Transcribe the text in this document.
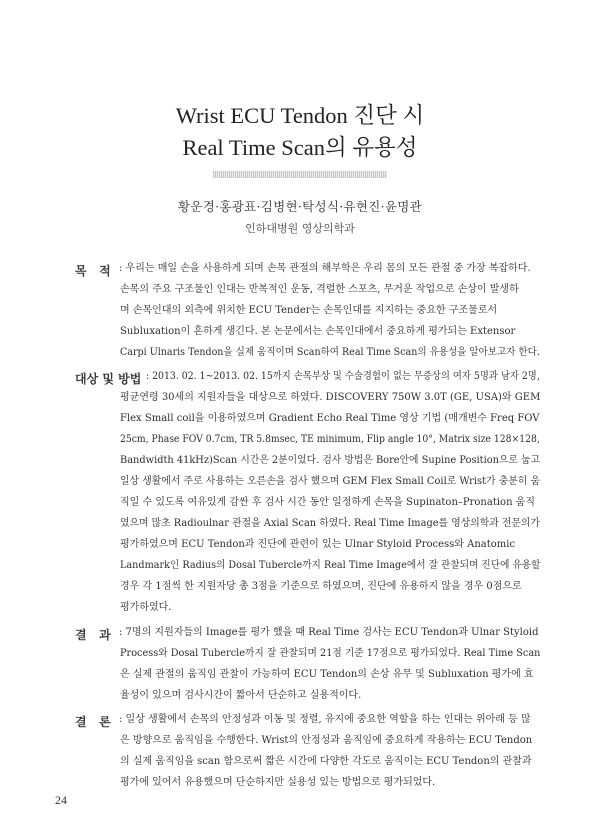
Wrist ECU Tendon 진단 시
Real Time Scan의 유용성
황운경·홍광표·김병현·탁성식·유현진·윤명관
인하대병원 영상의학과
목   적 : 우리는 매일 손을 사용하게 되며 손목 관절의 해부학은 우리 몸의 모든 관절 중 가장 복잡하다.
손목의 주요 구조물인 인대는 반복적인 운동, 격렬한 스포츠, 무거운 작업으로 손상이 발생하
며 손목인대의 외측에 위치한 ECU Tender는 손목인대를 지지하는 중요한 구조물로서
Subluxation이 흔하게 생긴다. 본 논문에서는 손목인대에서 중요하게 평가되는 Extensor
Carpi Ulnaris Tendon을 실제 움직이며 Scan하여 Real Time Scan의 유용성을 알아보고자 한다.
대상 및 방법 : 2013. 02. 1~2013. 02. 15까지 손목부상 및 수술경험이 없는 무증상의 여자 5명과 남자 2명,
평균연령 30세의 지원자들을 대상으로 하였다. DISCOVERY 750W 3.0T (GE, USA)와 GEM
Flex Small coil을 이용하였으며 Gradient Echo Real Time 영상 기법 (매개변수 Freq FOV
25cm, Phase FOV 0.7cm, TR 5.8msec, TE minimum, Flip angle 10°, Matrix size 128×128,
Bandwidth 41kHz)Scan 시간은 2분이었다. 검사 방법은 Bore안에 Supine Position으로 눕고
일상 생활에서 주로 사용하는 오른손을 검사 했으며 GEM Flex Small Coil로 Wrist가 충분히 움
직일 수 있도록 여유있게 감싼 후 검사 시간 동안 일정하게 손목을 Supinaton–Pronation 움직
였으며 많초 Radioulnar 관절을 Axial Scan 하였다. Real Time Image를 영상의학과 전문의가
평가하였으며 ECU Tendon과 진단에 관련이 있는 Ulnar Styloid Process와 Anatomic
Landmark인 Radius의 Dosal Tubercle까지 Real Time Image에서 잘 관찰되며 진단에 유용할
경우 각 1점씩 한 지원자당 총 3점을 기준으로 하였으며, 진단에 유용하지 않을 경우 0점으로
평가하였다.
결   과 : 7명의 지원자들의 Image를 평가 했을 때 Real Time 검사는 ECU Tendon과 Ulnar Styloid
Process와 Dosal Tubercle까지 잘 관찰되며 21점 기준 17점으로 평가되었다. Real Time Scan
은 실제 관절의 움직임 관찰이 가능하여 ECU Tendon의 손상 유무 및 Subluxation 평가에 효
율성이 있으며 검사시간이 짧아서 단순하고 실용적이다.
결   론 : 일상 생활에서 손목의 안정성과 이동 및 정렬, 유지에 중요한 역할을 하는 인대는 위아래 등 많
은 방향으로 움직임을 수행한다. Wrist의 안정성과 움직임에 중요하게 작용하는 ECU Tendon
의 실제 움직임을 scan 함으로써 짧은 시간에 다양한 각도로 움직이는 ECU Tendon의 관찰과
평가에 있어서 유용했으며 단순하지만 실용성 있는 방법으로 평가되었다.
24
